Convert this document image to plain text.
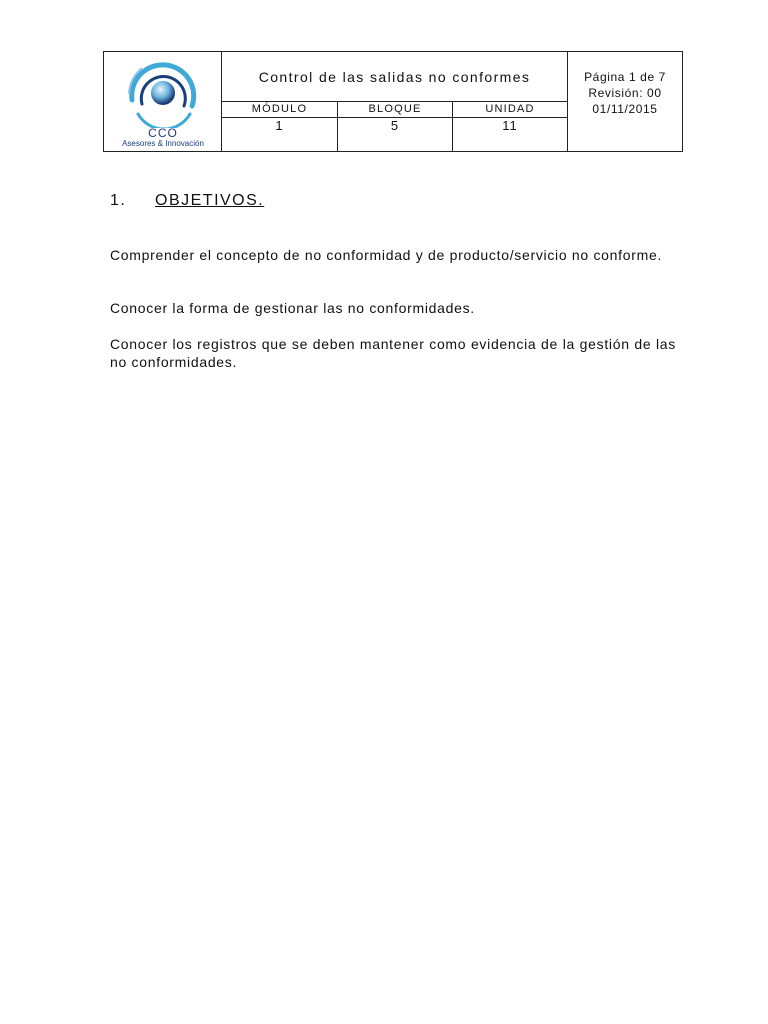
CCO
Asesores & Innovación
Control de las salidas no conformes
MÓDULO	BLOQUE	UNIDAD
1	5	11
Página 1 de 7
Revisión: 00
01/11/2015
1. OBJETIVOS.

Comprender el concepto de no conformidad y de producto/servicio no conforme.

Conocer la forma de gestionar las no conformidades.

Conocer los registros que se deben mantener como evidencia de la gestión de las no conformidades.
